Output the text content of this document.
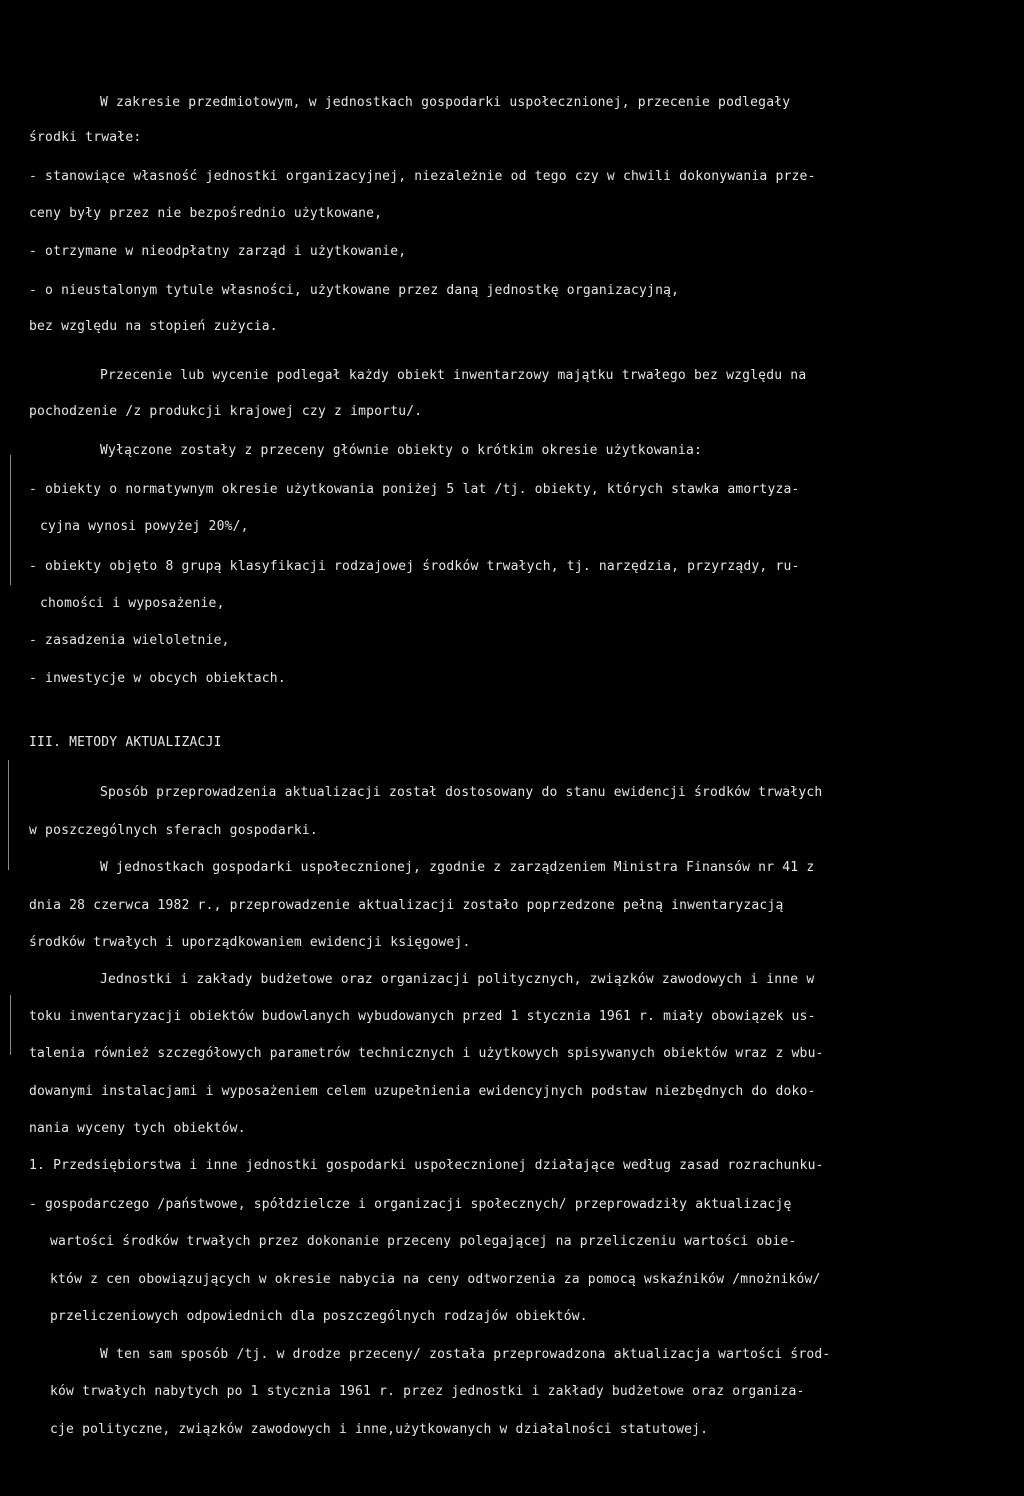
W zakresie przedmiotowym, w jednostkach gospodarki uspołecznionej, przecenie podlegały
środki trwałe:
- stanowiące własność jednostki organizacyjnej, niezależnie od tego czy w chwili dokonywania prze-
ceny były przez nie bezpośrednio użytkowane,
- otrzymane w nieodpłatny zarząd i użytkowanie,
- o nieustalonym tytule własności, użytkowane przez daną jednostkę organizacyjną,
bez względu na stopień zużycia.
Przecenie lub wycenie podlegał każdy obiekt inwentarzowy majątku trwałego bez względu na
pochodzenie /z produkcji krajowej czy z importu/.
Wyłączone zostały z przeceny głównie obiekty o krótkim okresie użytkowania:
- obiekty o normatywnym okresie użytkowania poniżej 5 lat /tj. obiekty, których stawka amortyza-
cyjna wynosi powyżej 20%/,
- obiekty objęto 8 grupą klasyfikacji rodzajowej środków trwałych, tj. narzędzia, przyrządy, ru-
chomości i wyposażenie,
- zasadzenia wieloletnie,
- inwestycje w obcych obiektach.
III. METODY AKTUALIZACJI
Sposób przeprowadzenia aktualizacji został dostosowany do stanu ewidencji środków trwałych
w poszczególnych sferach gospodarki.
W jednostkach gospodarki uspołecznionej, zgodnie z zarządzeniem Ministra Finansów nr 41 z
dnia 28 czerwca 1982 r., przeprowadzenie aktualizacji zostało poprzedzone pełną inwentaryzacją
środków trwałych i uporządkowaniem ewidencji księgowej.
Jednostki i zakłady budżetowe oraz organizacji politycznych, związków zawodowych i inne w
toku inwentaryzacji obiektów budowlanych wybudowanych przed 1 stycznia 1961 r. miały obowiązek us-
talenia również szczegółowych parametrów technicznych i użytkowych spisywanych obiektów wraz z wbu-
dowanymi instalacjami i wyposażeniem celem uzupełnienia ewidencyjnych podstaw niezbędnych do doko-
nania wyceny tych obiektów.
1. Przedsiębiorstwa i inne jednostki gospodarki uspołecznionej działające według zasad rozrachunku-
- gospodarczego /państwowe, spółdzielcze i organizacji społecznych/ przeprowadziły aktualizację
wartości środków trwałych przez dokonanie przeceny polegającej na przeliczeniu wartości obie-
któw z cen obowiązujących w okresie nabycia na ceny odtworzenia za pomocą wskaźników /mnożników/
przeliczeniowych odpowiednich dla poszczególnych rodzajów obiektów.
W ten sam sposób /tj. w drodze przeceny/ została przeprowadzona aktualizacja wartości środ-
ków trwałych nabytych po 1 stycznia 1961 r. przez jednostki i zakłady budżetowe oraz organiza-
cje polityczne, związków zawodowych i inne,użytkowanych w działalności statutowej.
